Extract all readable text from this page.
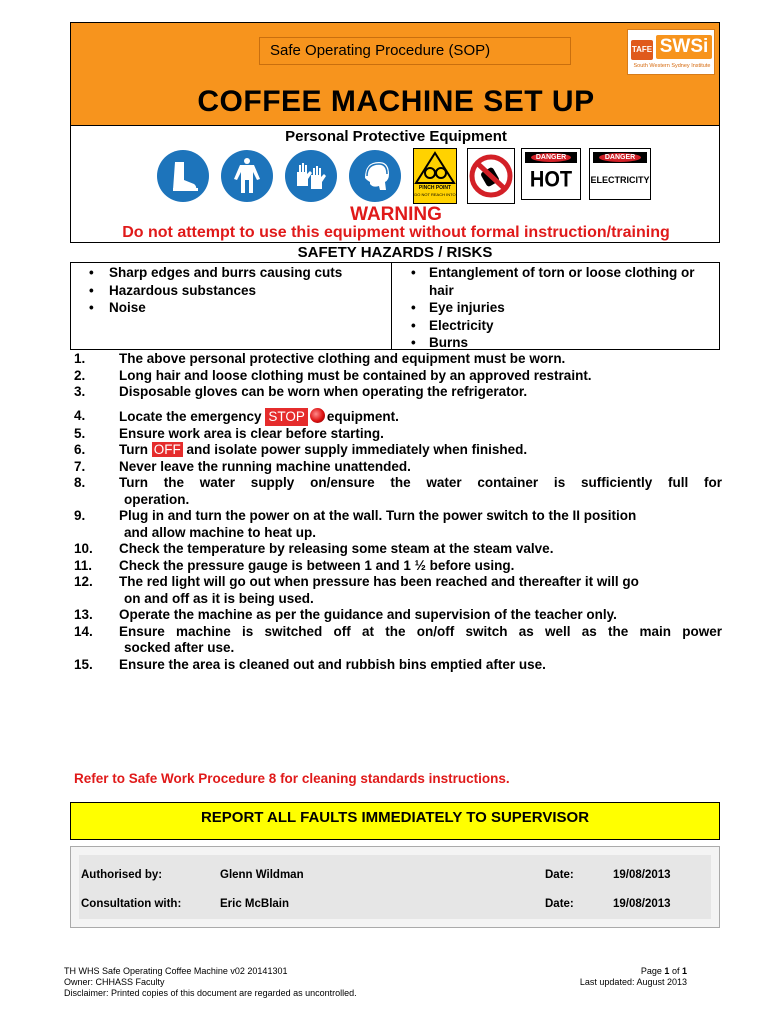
Safe Operating Procedure (SOP)	TAFE SWSi
South Western Sydney Institute
COFFEE MACHINE SET UP
Personal Protective Equipment
PINCH POINT
DO NOT REACH INTO
DANGER
HOT
DANGER
ELECTRICITY
WARNING
Do not attempt to use this equipment without formal instruction/training
SAFETY HAZARDS / RISKS
• Sharp edges and burrs causing cuts
• Hazardous substances
• Noise
• Entanglement of torn or loose clothing or hair
• Eye injuries
• Electricity
• Burns
1. The above personal protective clothing and equipment must be worn.
2. Long hair and loose clothing must be contained by an approved restraint.
3. Disposable gloves can be worn when operating the refrigerator.
4. Locate the emergency STOP equipment.
5. Ensure work area is clear before starting.
6. Turn OFF and isolate power supply immediately when finished.
7. Never leave the running machine unattended.
8. Turn the water supply on/ensure the water container is sufficiently full for
operation.
9. Plug in and turn the power on at the wall. Turn the power switch to the II position
and allow machine to heat up.
10. Check the temperature by releasing some steam at the steam valve.
11. Check the pressure gauge is between 1 and 1 ½ before using.
12. The red light will go out when pressure has been reached and thereafter it will go
on and off as it is being used.
13. Operate the machine as per the guidance and supervision of the teacher only.
14. Ensure machine is switched off at the on/off switch as well as the main power
socked after use.
15. Ensure the area is cleaned out and rubbish bins emptied after use.
Refer to Safe Work Procedure 8 for cleaning standards instructions.
REPORT ALL FAULTS IMMEDIATELY TO SUPERVISOR
Authorised by:	Glenn Wildman	Date:	19/08/2013
Consultation with:	Eric McBlain	Date:	19/08/2013
TH WHS Safe Operating Coffee Machine v02 20141301
Owner: CHHASS Faculty
Disclaimer: Printed copies of this document are regarded as uncontrolled.
Page 1 of 1
Last updated: August 2013
